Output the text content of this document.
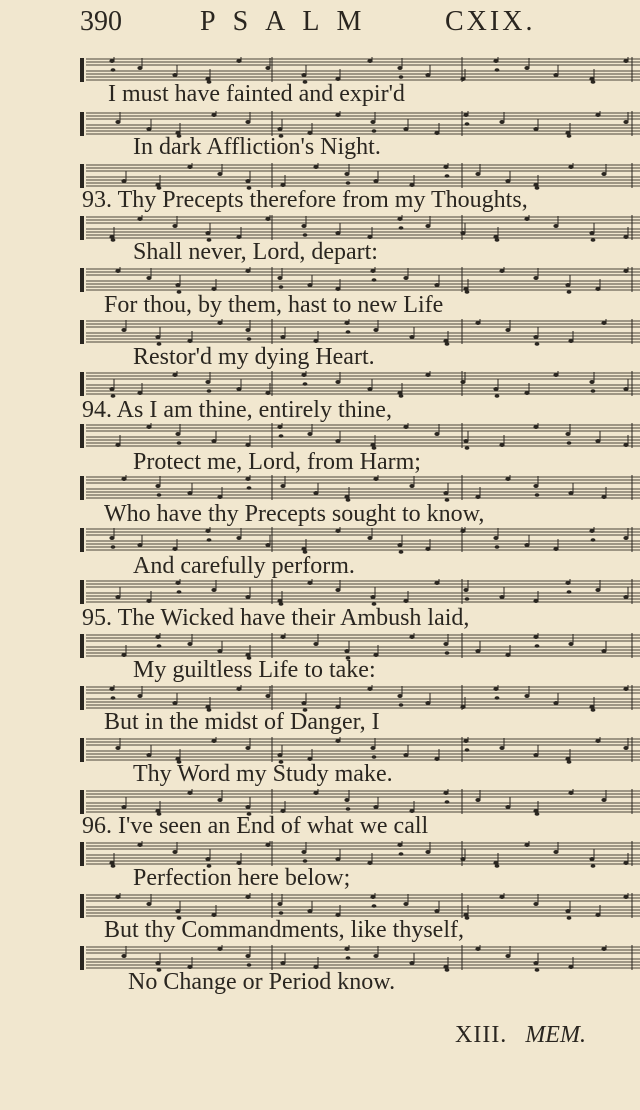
390	PSALM CXIX.
I must have fainted and expir'd
In dark Affliction's Night.
93. Thy Precepts therefore from my Thoughts,
Shall never, Lord, depart:
For thou, by them, hast to new Life
Restor'd my dying Heart.
94. As I am thine, entirely thine,
Protect me, Lord, from Harm;
Who have thy Precepts sought to know,
And carefully perform.
95. The Wicked have their Ambush laid,
My guiltless Life to take:
But in the midst of Danger, I
Thy Word my Study make.
96. I've seen an End of what we call
Perfection here below;
But thy Commandments, like thyself,
No Change or Period know.
XIII. MEM.
